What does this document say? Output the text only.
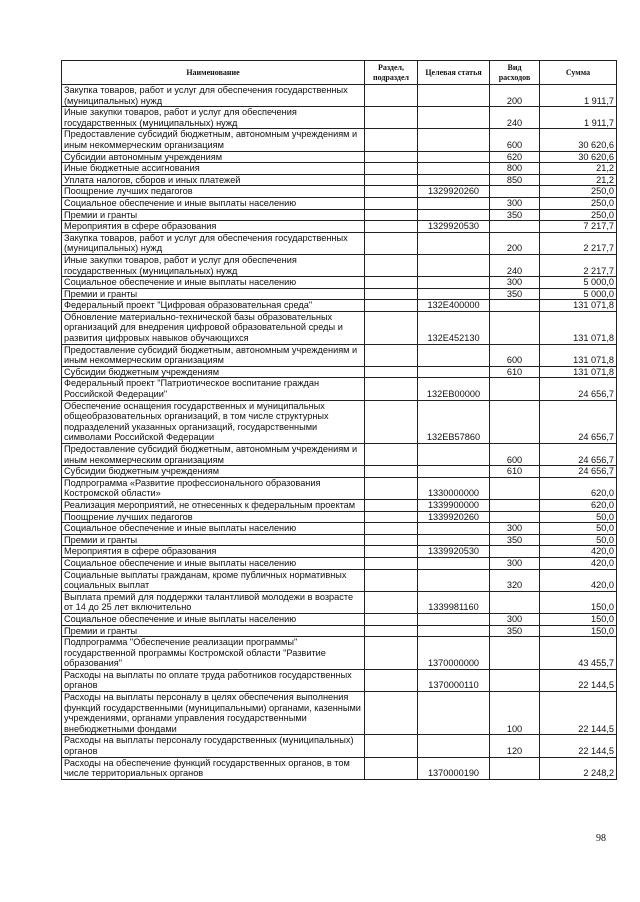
Наименование	Раздел, подраздел	Целевая статья	Вид расходов	Сумма
Закупка товаров, работ и услуг для обеспечения государственных (муниципальных) нужд			200	1 911,7
Иные закупки товаров, работ и услуг для обеспечения государственных (муниципальных) нужд			240	1 911,7
Предоставление субсидий бюджетным, автономным учреждениям и иным некоммерческим организациям			600	30 620,6
Субсидии автономным учреждениям			620	30 620,6
Иные бюджетные ассигнования			800	21,2
Уплата налогов, сборов и иных платежей			850	21,2
Поощрение лучших педагогов		1329920260		250,0
Социальное обеспечение и иные выплаты населению			300	250,0
Премии и гранты			350	250,0
Мероприятия в сфере образования		1329920530		7 217,7
Закупка товаров, работ и услуг для обеспечения государственных (муниципальных) нужд			200	2 217,7
Иные закупки товаров, работ и услуг для обеспечения государственных (муниципальных) нужд			240	2 217,7
Социальное обеспечение и иные выплаты населению			300	5 000,0
Премии и гранты			350	5 000,0
Федеральный проект "Цифровая образовательная среда"		132E400000		131 071,8
Обновление материально-технической базы образовательных организаций для внедрения цифровой образовательной среды и развития цифровых навыков обучающихся		132E452130		131 071,8
Предоставление субсидий бюджетным, автономным учреждениям и иным некоммерческим организациям			600	131 071,8
Субсидии бюджетным учреждениям			610	131 071,8
Федеральный проект "Патриотическое воспитание граждан Российской Федерации"		132EB00000		24 656,7
Обеспечение оснащения государственных и муниципальных общеобразовательных организаций, в том числе структурных подразделений указанных организаций, государственными символами Российской Федерации		132EB57860		24 656,7
Предоставление субсидий бюджетным, автономным учреждениям и иным некоммерческим организациям			600	24 656,7
Субсидии бюджетным учреждениям			610	24 656,7
Подпрограмма «Развитие профессионального образования Костромской области»		1330000000		620,0
Реализация мероприятий, не отнесенных к федеральным проектам		1339900000		620,0
Поощрение лучших педагогов		1339920260		50,0
Социальное обеспечение и иные выплаты населению			300	50,0
Премии и гранты			350	50,0
Мероприятия в сфере образования		1339920530		420,0
Социальное обеспечение и иные выплаты населению			300	420,0
Социальные выплаты гражданам, кроме публичных нормативных социальных выплат			320	420,0
Выплата премий для поддержки талантливой молодежи в возрасте от 14 до 25 лет включительно		1339981160		150,0
Социальное обеспечение и иные выплаты населению			300	150,0
Премии и гранты			350	150,0
Подпрограмма "Обеспечение реализации программы" государственной программы Костромской области "Развитие образования"		1370000000		43 455,7
Расходы на выплаты по оплате труда работников государственных органов		1370000110		22 144,5
Расходы на выплаты персоналу в целях обеспечения выполнения функций государственными (муниципальными) органами, казенными учреждениями, органами управления государственными внебюджетными фондами			100	22 144,5
Расходы на выплаты персоналу государственных (муниципальных) органов			120	22 144,5
Расходы на обеспечение функций государственных органов, в том числе территориальных органов		1370000190		2 248,2
98
